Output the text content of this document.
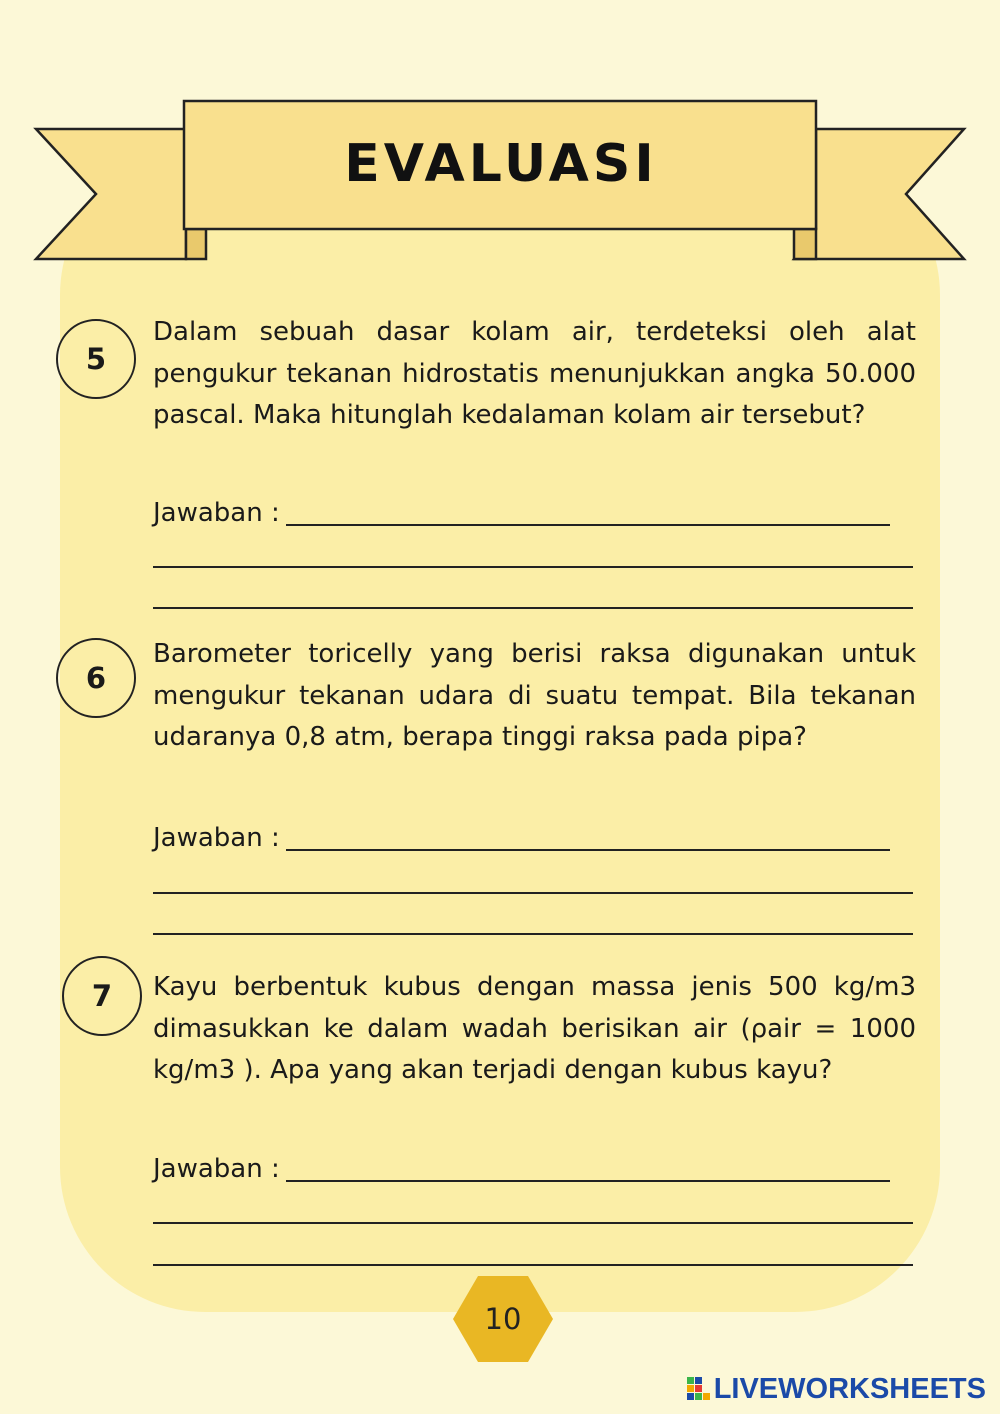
EVALUASI
5

Dalam sebuah dasar kolam air, terdeteksi oleh alat pengukur tekanan hidrostatis menunjukkan angka 50.000 pascal. Maka hitunglah kedalaman kolam air tersebut?

Jawaban :
6

Barometer toricelly yang berisi raksa digunakan untuk mengukur tekanan udara di suatu tempat. Bila tekanan udaranya 0,8 atm, berapa tinggi raksa pada pipa?

Jawaban :
7	Kayu berbentuk kubus dengan massa jenis 500 kg/m3 dimasukkan ke dalam wadah berisikan air (ρair = 1000 kg/m3 ). Apa yang akan terjadi dengan kubus kayu?

Jawaban :
10
LIVEWORKSHEETS
